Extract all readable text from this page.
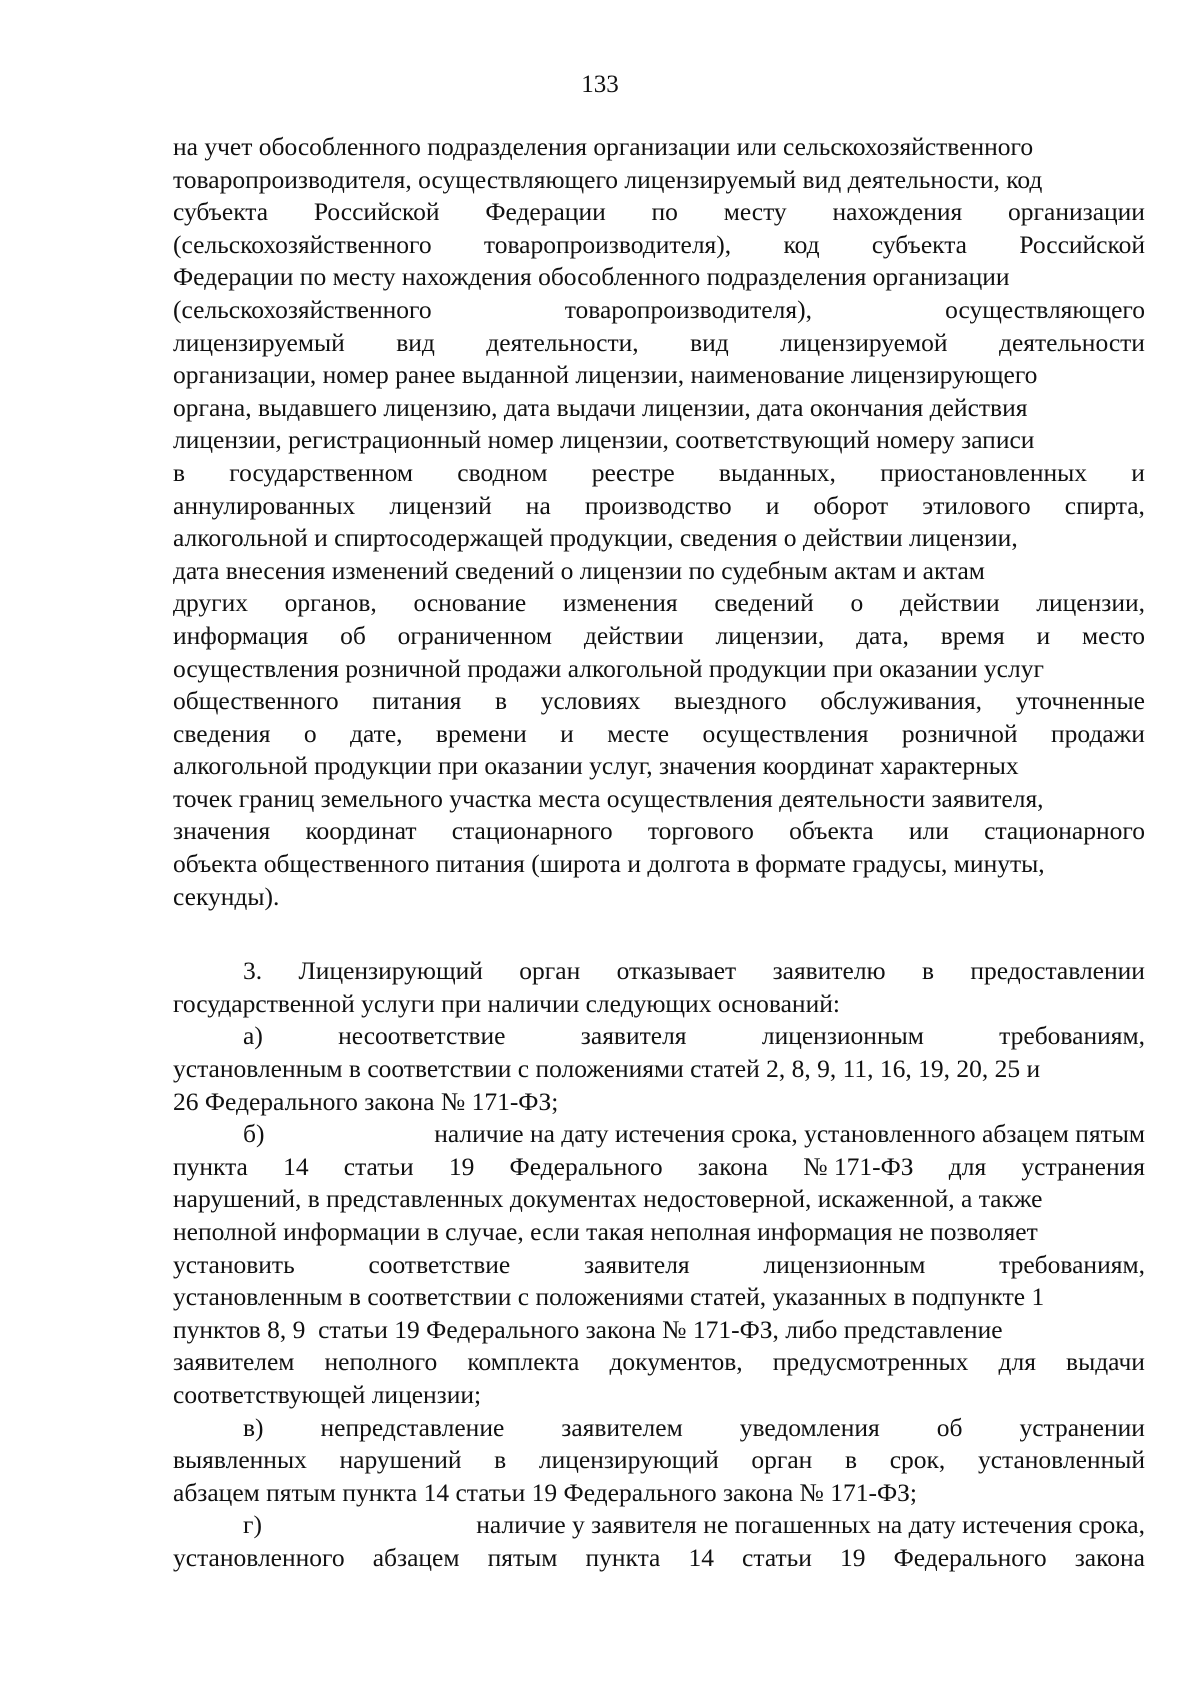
133
на учет обособленного подразделения организации или сельскохозяйственного
товаропроизводителя, осуществляющего лицензируемый вид деятельности, код
субъекта Российской Федерации по месту нахождения организации
(сельскохозяйственного товаропроизводителя), код субъекта Российской
Федерации по месту нахождения обособленного подразделения организации
(сельскохозяйственного	товаропроизводителя),	осуществляющего
лицензируемый вид деятельности, вид лицензируемой деятельности
организации, номер ранее выданной лицензии, наименование лицензирующего
органа, выдавшего лицензию, дата выдачи лицензии, дата окончания действия
лицензии, регистрационный номер лицензии, соответствующий номеру записи
в государственном сводном реестре выданных, приостановленных и
аннулированных лицензий на производство и оборот этилового спирта,
алкогольной и спиртосодержащей продукции, сведения о действии лицензии,
дата внесения изменений сведений о лицензии по судебным актам и актам
других органов, основание изменения сведений о действии лицензии,
информация об ограниченном действии лицензии, дата, время и место
осуществления розничной продажи алкогольной продукции при оказании услуг
общественного питания в условиях выездного обслуживания, уточненные
сведения о дате, времени и месте осуществления розничной продажи
алкогольной продукции при оказании услуг, значения координат характерных
точек границ земельного участка места осуществления деятельности заявителя,
значения координат стационарного торгового объекта или стационарного
объекта общественного питания (широта и долгота в формате градусы, минуты,
секунды).
3. Лицензирующий орган отказывает заявителю в предоставлении
государственной услуги при наличии следующих оснований:
а)	несоответствие	заявителя	лицензионным	требованиям,
установленным в соответствии с положениями статей 2, 8, 9, 11, 16, 19, 20, 25 и
26 Федерального закона № 171-ФЗ;
б)	наличие на дату истечения срока, установленного абзацем пятым
пункта 14 статьи 19 Федерального закона № 171-ФЗ для устранения
нарушений, в представленных документах недостоверной, искаженной, а также
неполной информации в случае, если такая неполная информация не позволяет
установить	соответствие	заявителя	лицензионным	требованиям,
установленным в соответствии с положениями статей, указанных в подпункте 1
пунктов 8, 9  статьи 19 Федерального закона № 171-ФЗ, либо представление
заявителем неполного комплекта документов, предусмотренных для выдачи
соответствующей лицензии;
в) непредставление заявителем уведомления об устранении
выявленных нарушений в лицензирующий орган в срок, установленный
абзацем пятым пункта 14 статьи 19 Федерального закона № 171-ФЗ;
г)	наличие у заявителя не погашенных на дату истечения срока,
установленного абзацем пятым пункта 14 статьи 19 Федерального закона
